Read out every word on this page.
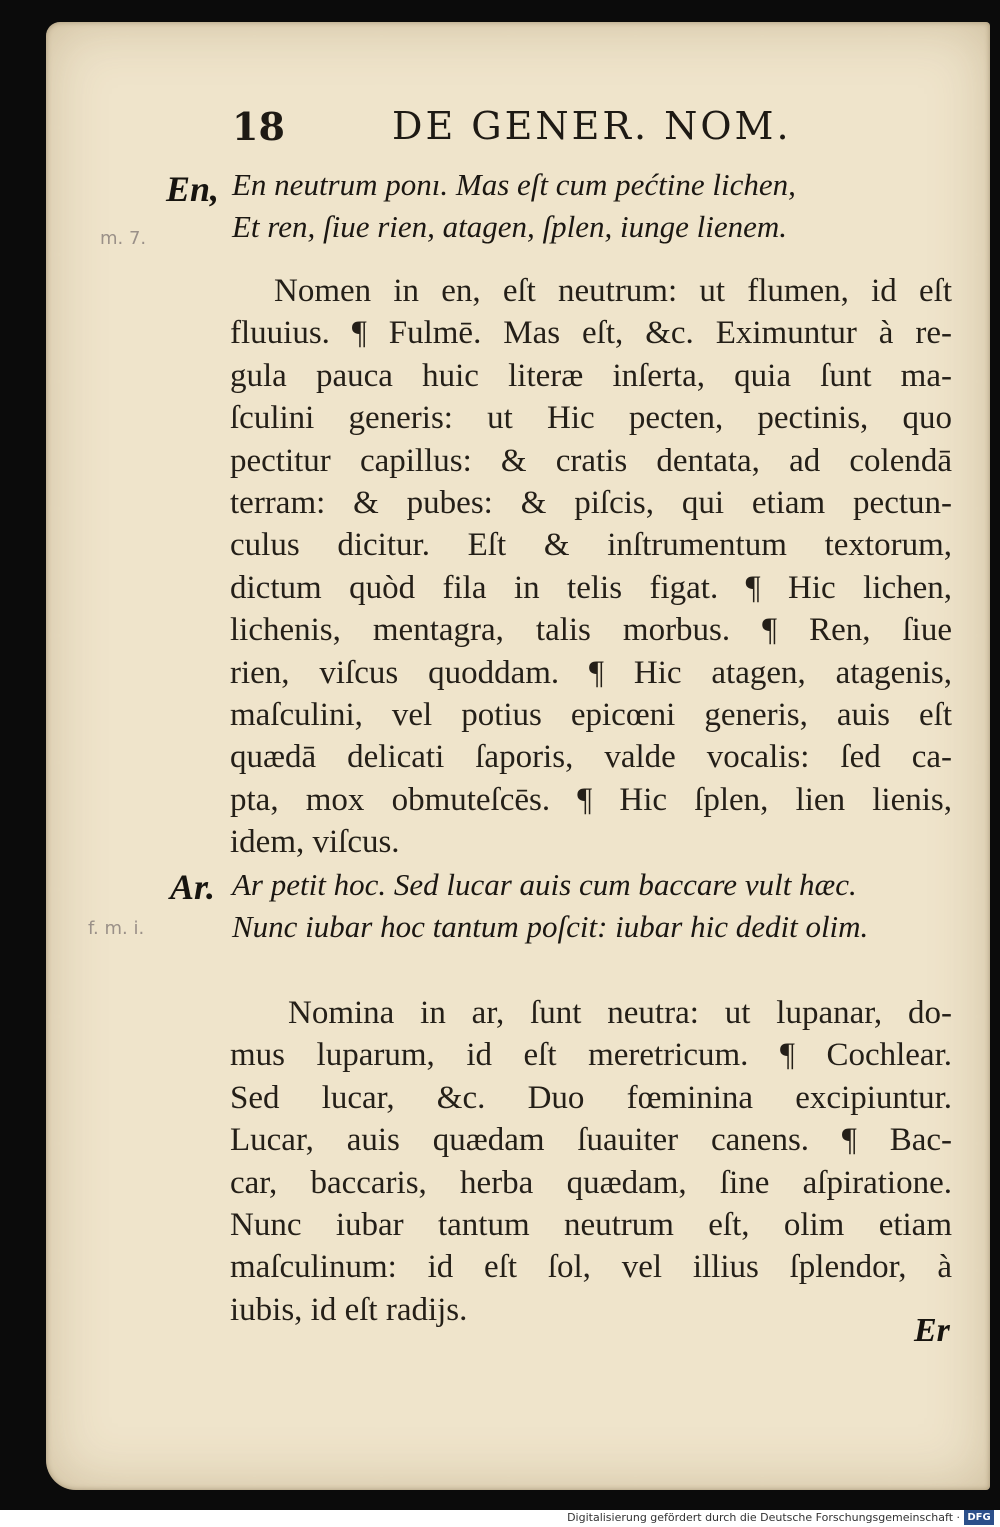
18	DE GENER. NOM.
En,
m. 7.
En neutrum ponı. Mas eſt cum pećtine lichen,
Et ren, ſiue rien, atagen, ſplen, iunge lienem.
Nomen in en, eſt neutrum: ut flumen, id eſt
fluuius. ¶ Fulmē. Mas eſt, &c. Eximuntur à re-
gula pauca huic literæ inſerta, quia ſunt ma-
ſculini generis: ut Hic pecten, pectinis, quo
pectitur capillus: & cratis dentata, ad colendā
terram: & pubes: & piſcis, qui etiam pectun-
culus dicitur. Eſt & inſtrumentum textorum,
dictum quòd fila in telis figat. ¶ Hic lichen,
lichenis, mentagra, talis morbus. ¶ Ren, ſiue
rien, viſcus quoddam. ¶ Hic atagen, atagenis,
maſculini, vel potius epicœni generis, auis eſt
quædā delicati ſaporis, valde vocalis: ſed ca-
pta, mox obmuteſcēs. ¶ Hic ſplen, lien lienis,
idem, viſcus.
Ar.
f. m. i.
Ar petit hoc. Sed lucar auis cum baccare vult hæc.
Nunc iubar hoc tantum poſcit: iubar hic dedit olim.
Nomina in ar, ſunt neutra: ut lupanar, do-
mus luparum, id eſt meretricum. ¶ Cochlear.
Sed lucar, &c. Duo fœminina excipiuntur.
Lucar, auis quædam ſuauiter canens. ¶ Bac-
car, baccaris, herba quædam, ſine aſpiratione.
Nunc iubar tantum neutrum eſt, olim etiam
maſculinum: id eſt ſol, vel illius ſplendor, à
iubis, id eſt radijs.
Er
Digitalisierung gefördert durch die Deutsche Forschungsgemeinschaft · DFG
